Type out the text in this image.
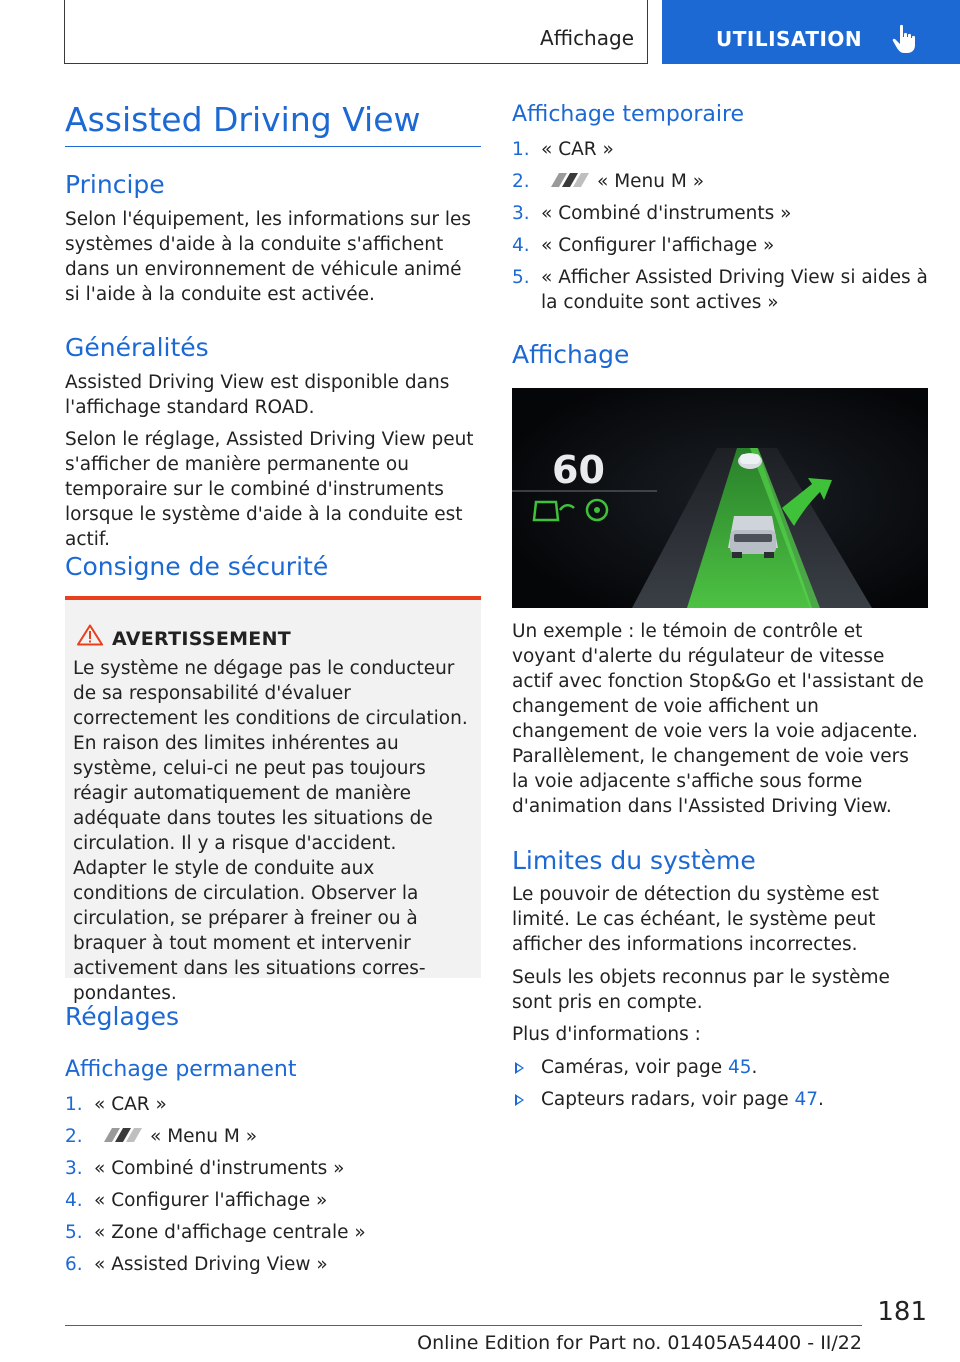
Affichage	UTILISATION
Assisted Driving View
Principe
Selon l'équipement, les informations sur les systèmes d'aide à la conduite s'affichent dans un environnement de véhicule animé si l'aide à la conduite est activée.
Généralités
Assisted Driving View est disponible dans l'affichage standard ROAD.
Selon le réglage, Assisted Driving View peut s'afficher de manière permanente ou temporaire sur le combiné d'instruments lorsque le système d'aide à la conduite est actif.
Consigne de sécurité
AVERTISSEMENT
Le système ne dégage pas le conducteur de sa responsabilité d'évaluer correctement les conditions de circulation. En raison des limites inhérentes au système, celui-ci ne peut pas toujours réagir automatiquement de manière adéquate dans toutes les situations de circulation. Il y a risque d'accident. Adapter le style de conduite aux conditions de circulation. Observer la circulation, se préparer à freiner ou à braquer à tout moment et intervenir activement dans les situations correspondantes.
Réglages
Affichage permanent
1. « CAR »
2.	« Menu M »
3. « Combiné d'instruments »
4. « Configurer l'affichage »
5. « Zone d'affichage centrale »
6. « Assisted Driving View »
Affichage temporaire
1. « CAR »
2.	« Menu M »
3. « Combiné d'instruments »
4. « Configurer l'affichage »
5. « Afficher Assisted Driving View si aides à la conduite sont actives »
Affichage
60
Un exemple : le témoin de contrôle et voyant d'alerte du régulateur de vitesse actif avec fonction Stop&Go et l'assistant de changement de voie affichent un changement de voie vers la voie adjacente. Parallèlement, le changement de voie vers la voie adjacente s'affiche sous forme d'animation dans l'Assisted Driving View.
Limites du système
Le pouvoir de détection du système est limité. Le cas échéant, le système peut afficher des informations incorrectes.
Seuls les objets reconnus par le système sont pris en compte.
Plus d'informations :
Caméras, voir page 45.
Capteurs radars, voir page 47.
181
Online Edition for Part no. 01405A54400 - II/22
